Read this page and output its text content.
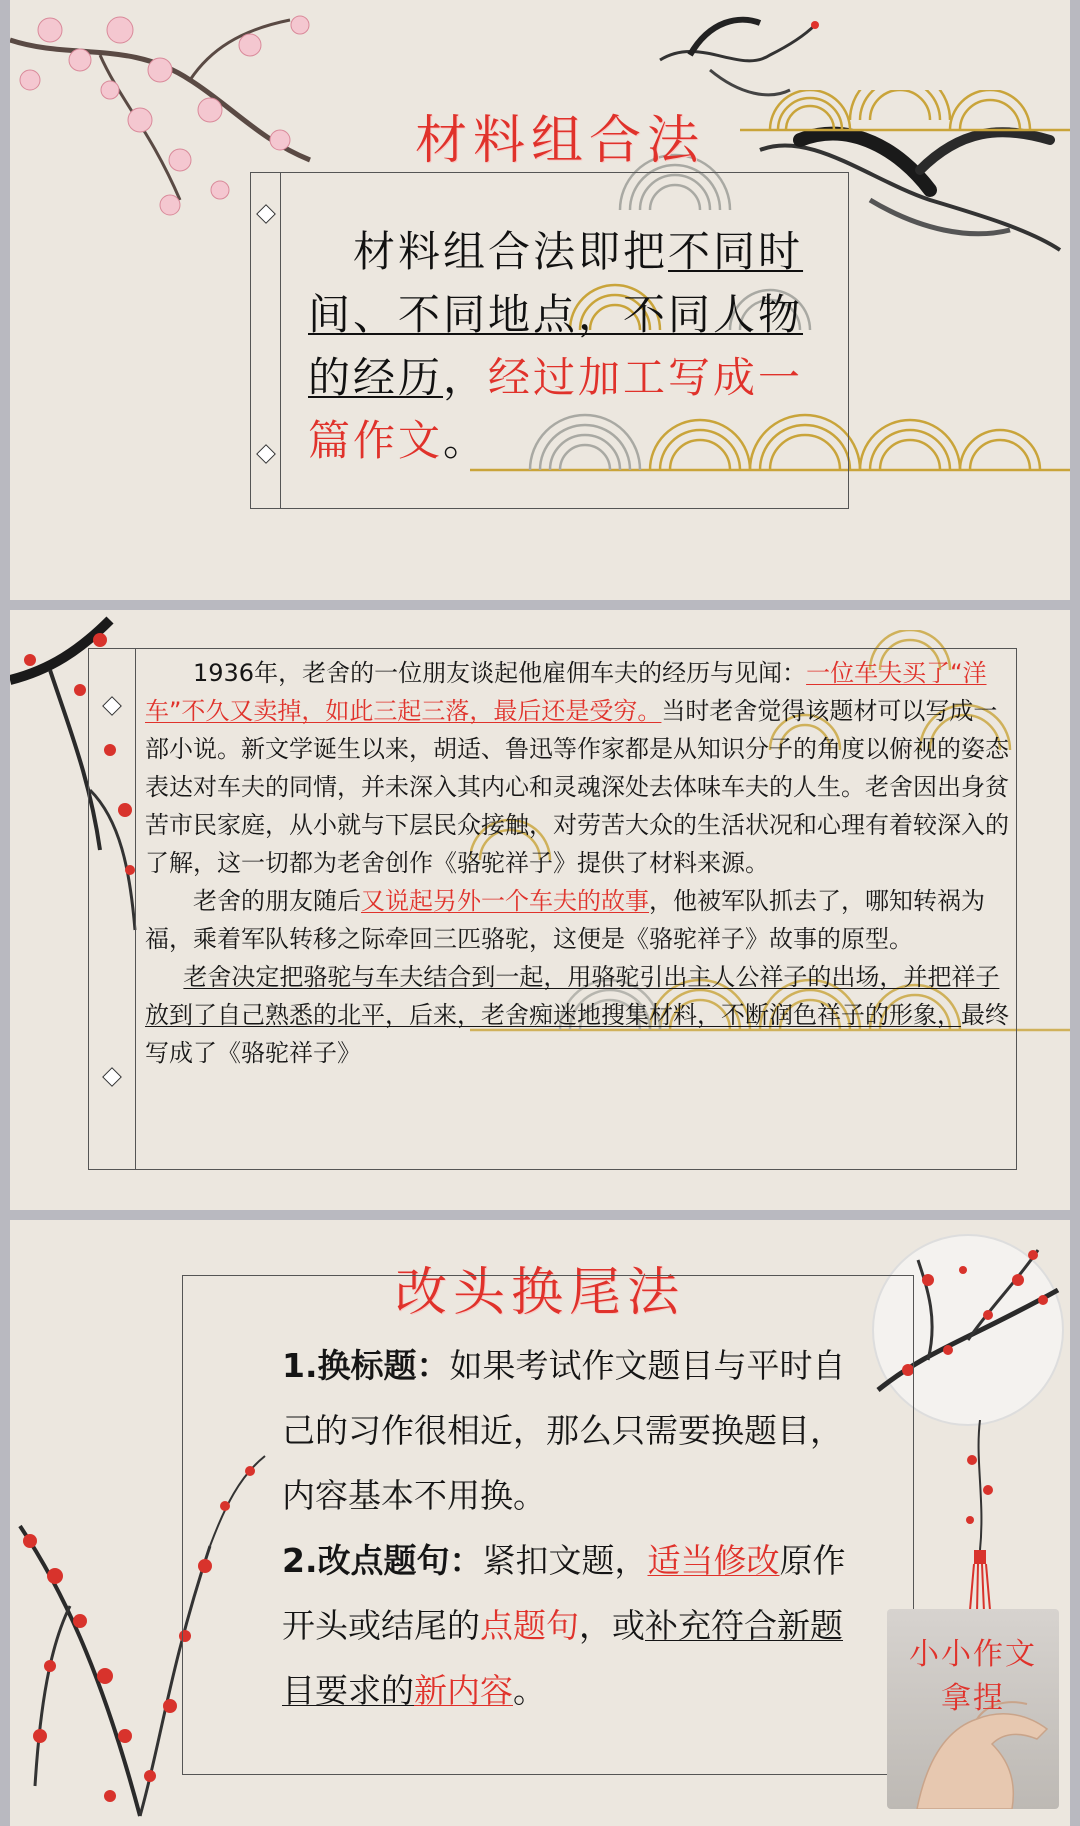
材料组合法
　材料组合法即把不同时间、不同地点，不同人物的经历，经过加工写成一篇作文。

1936年，老舍的一位朋友谈起他雇佣车夫的经历与见闻：一位车夫买了“洋车”不久又卖掉，如此三起三落，最后还是受穷。当时老舍觉得该题材可以写成一部小说。新文学诞生以来，胡适、鲁迅等作家都是从知识分子的角度以俯视的姿态表达对车夫的同情，并未深入其内心和灵魂深处去体味车夫的人生。老舍因出身贫苦市民家庭，从小就与下层民众接触，对劳苦大众的生活状况和心理有着较深入的了解，这一切都为老舍创作《骆驼祥子》提供了材料来源。

老舍的朋友随后又说起另外一个车夫的故事，他被军队抓去了，哪知转祸为福，乘着军队转移之际牵回三匹骆驼，这便是《骆驼祥子》故事的原型。

老舍决定把骆驼与车夫结合到一起，用骆驼引出主人公祥子的出场，并把祥子放到了自己熟悉的北平，后来，老舍痴迷地搜集材料，不断润色祥子的形象，最终写成了《骆驼祥子》

改头换尾法

1.换标题：如果考试作文题目与平时自己的习作很相近，那么只需要换题目，内容基本不用换。

2.改点题句：紧扣文题，适当修改原作开头或结尾的点题句，或补充符合新题目要求的新内容。

小小作文
拿捏
